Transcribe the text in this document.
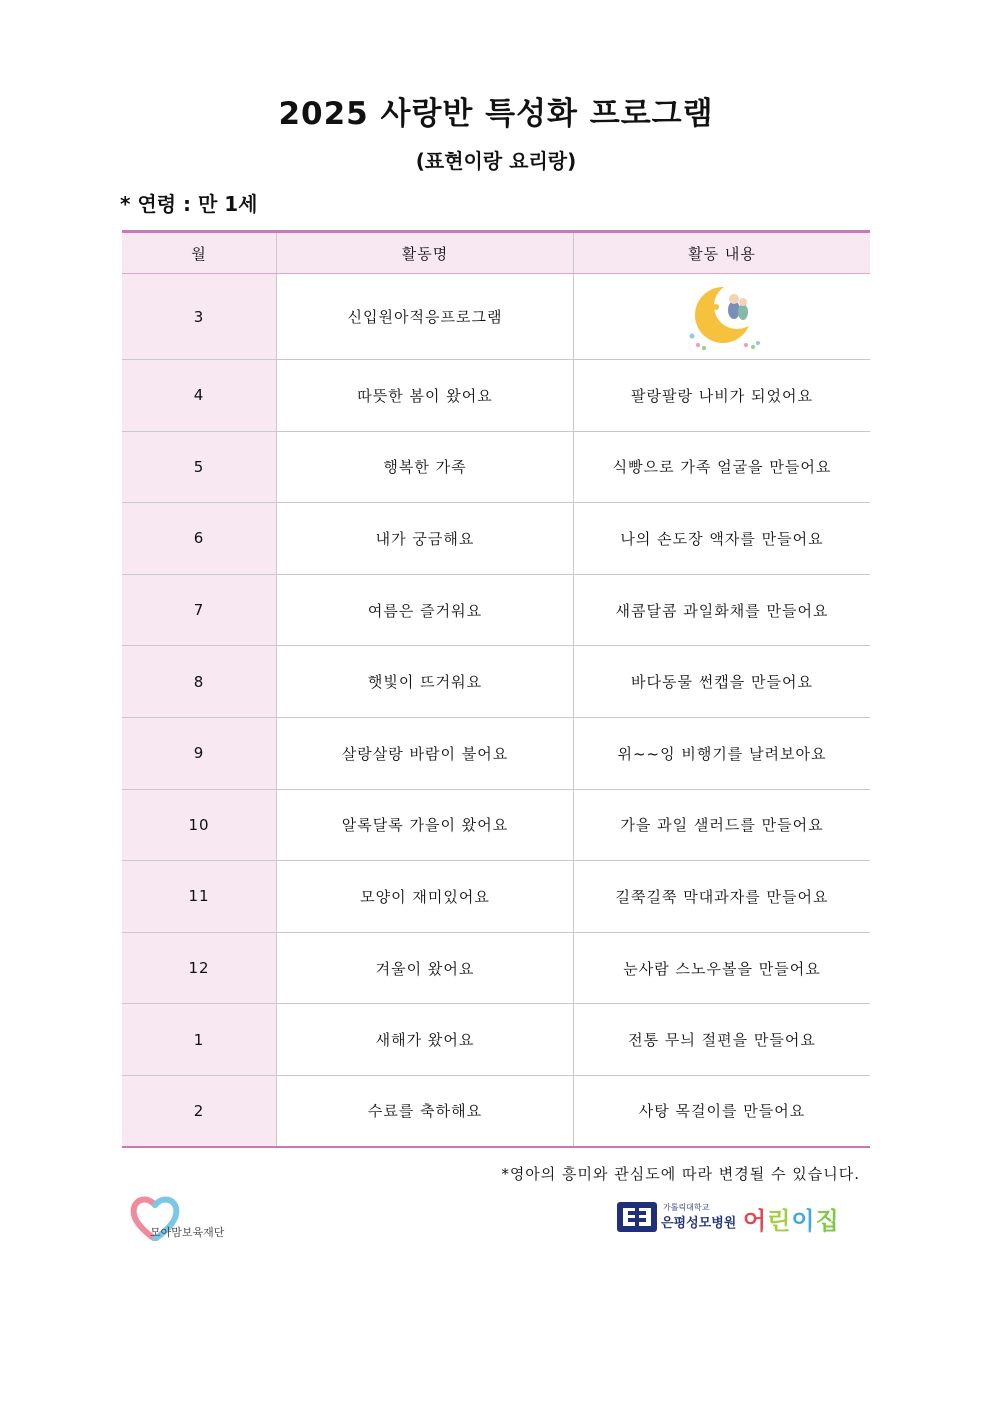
2025 사랑반 특성화 프로그램
(표현이랑 요리랑)
* 연령 : 만 1세
월	활동명	활동 내용
3	신입원아적응프로그램	

4	따뜻한 봄이 왔어요	팔랑팔랑 나비가 되었어요
5	행복한 가족	식빵으로 가족 얼굴을 만들어요
6	내가 궁금해요	나의 손도장 액자를 만들어요
7	여름은 즐거워요	새콤달콤 과일화채를 만들어요
8	햇빛이 뜨거워요	바다동물 썬캡을 만들어요
9	살랑살랑 바람이 불어요	위~~잉 비행기를 날려보아요
10	알록달록 가을이 왔어요	가을 과일 샐러드를 만들어요
11	모양이 재미있어요	길쭉길쭉 막대과자를 만들어요
12	겨울이 왔어요	눈사람 스노우볼을 만들어요
1	새해가 왔어요	전통 무늬 절편을 만들어요
2	수료를 축하해요	사탕 목걸이를 만들어요
*영아의 흥미와 관심도에 따라 변경될 수 있습니다.
모아맘보육재단
가톨릭대학교
은평성모병원 어린이집
